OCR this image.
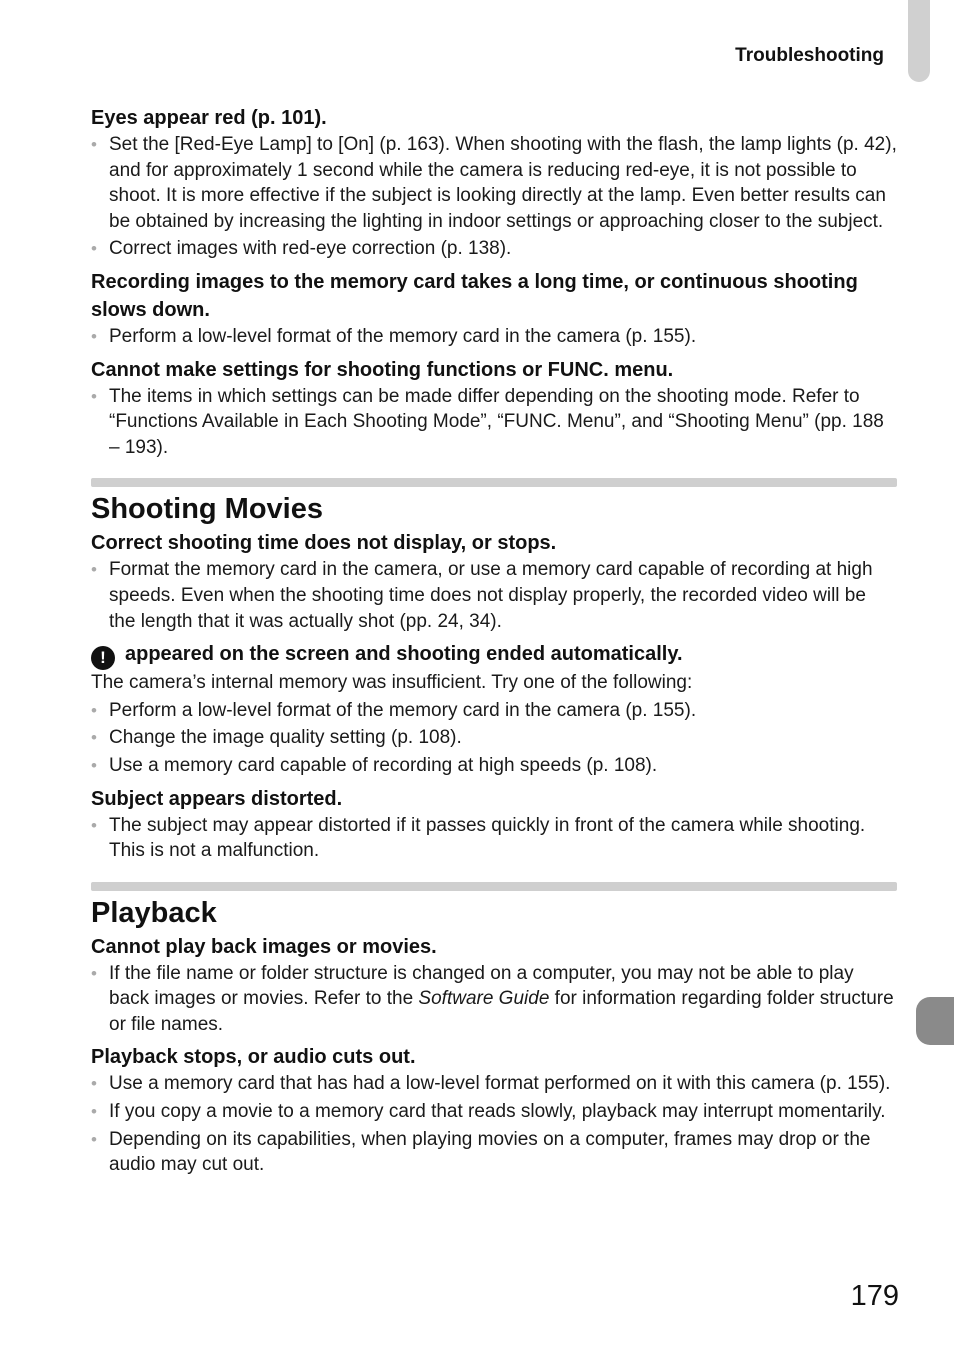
Troubleshooting

Eyes appear red (p. 101).

• Set the [Red-Eye Lamp] to [On] (p. 163). When shooting with the flash, the lamp lights (p. 42), and for approximately 1 second while the camera is reducing red-eye, it is not possible to shoot. It is more effective if the subject is looking directly at the lamp. Even better results can be obtained by increasing the lighting in indoor settings or approaching closer to the subject.
• Correct images with red-eye correction (p. 138).

Recording images to the memory card takes a long time, or continuous shooting slows down.

• Perform a low-level format of the memory card in the camera (p. 155).

Cannot make settings for shooting functions or FUNC. menu.

• The items in which settings can be made differ depending on the shooting mode. Refer to “Functions Available in Each Shooting Mode”, “FUNC. Menu”, and “Shooting Menu” (pp. 188 – 193).
Shooting Movies

Correct shooting time does not display, or stops.

• Format the memory card in the camera, or use a memory card capable of recording at high speeds. Even when the shooting time does not display properly, the recorded video will be the length that it was actually shot (pp. 24, 34).

! appeared on the screen and shooting ended automatically.

The camera’s internal memory was insufficient. Try one of the following:

• Perform a low-level format of the memory card in the camera (p. 155).
• Change the image quality setting (p. 108).
• Use a memory card capable of recording at high speeds (p. 108).

Subject appears distorted.

• The subject may appear distorted if it passes quickly in front of the camera while shooting. This is not a malfunction.
Playback

Cannot play back images or movies.

• If the file name or folder structure is changed on a computer, you may not be able to play back images or movies. Refer to the Software Guide for information regarding folder structure or file names.

Playback stops, or audio cuts out.

• Use a memory card that has had a low-level format performed on it with this camera (p. 155).
• If you copy a movie to a memory card that reads slowly, playback may interrupt momentarily.
• Depending on its capabilities, when playing movies on a computer, frames may drop or the audio may cut out.
179
